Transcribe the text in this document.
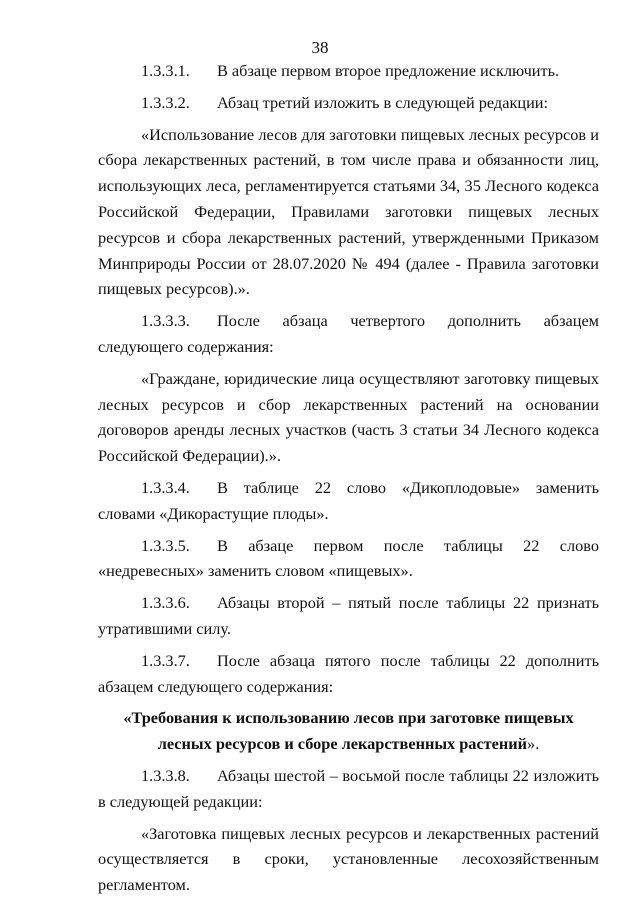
38

1.3.3.1. В абзаце первом второе предложение исключить.

1.3.3.2. Абзац третий изложить в следующей редакции:

«Использование лесов для заготовки пищевых лесных ресурсов и сбора лекарственных растений, в том числе права и обязанности лиц, использующих леса, регламентируется статьями 34, 35 Лесного кодекса Российской Федерации, Правилами заготовки пищевых лесных ресурсов и сбора лекарственных растений, утвержденными Приказом Минприроды России от 28.07.2020 № 494 (далее - Правила заготовки пищевых ресурсов).».

1.3.3.3. После абзаца четвертого дополнить абзацем следующего содержания:

«Граждане, юридические лица осуществляют заготовку пищевых лесных ресурсов и сбор лекарственных растений на основании договоров аренды лесных участков (часть 3 статьи 34 Лесного кодекса Российской Федерации).».

1.3.3.4. В таблице 22 слово «Дикоплодовые» заменить словами «Дикорастущие плоды».

1.3.3.5. В абзаце первом после таблицы 22 слово «недревесных» заменить словом «пищевых».

1.3.3.6. Абзацы второй – пятый после таблицы 22 признать утратившими силу.

1.3.3.7. После абзаца пятого после таблицы 22 дополнить абзацем следующего содержания:

«Требования к использованию лесов при заготовке пищевых лесных ресурсов и сборе лекарственных растений».

1.3.3.8. Абзацы шестой – восьмой после таблицы 22 изложить в следующей редакции:

«Заготовка пищевых лесных ресурсов и лекарственных растений осуществляется в сроки, установленные лесохозяйственным регламентом.
